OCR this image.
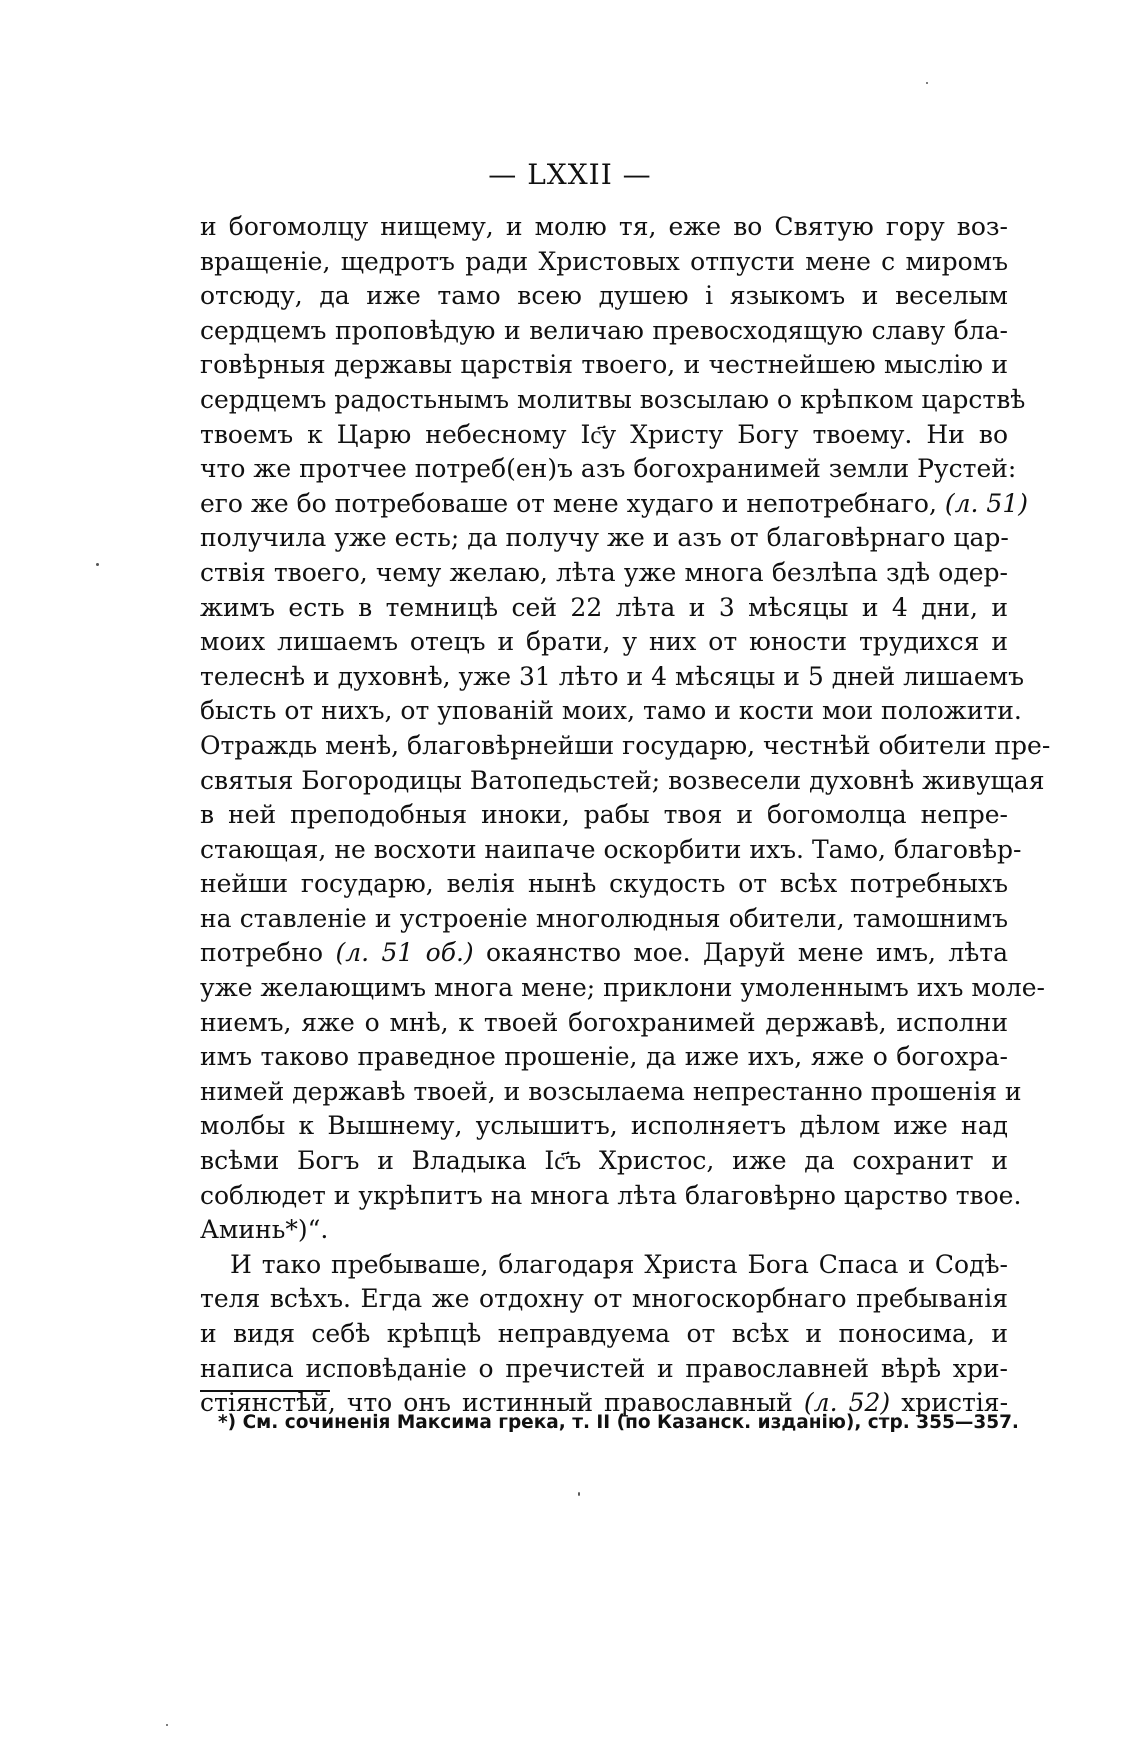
— LXXII —
и богомолцу нищему, и молю тя, еже во Святую гору воз-
вращеніе, щедротъ ради Христовых отпусти мене с миромъ
отсюду, да иже тамо всею душею і языкомъ и веселым
сердцемъ проповѣдую и величаю превосходящую славу бла-
говѣрныя державы царствія твоего, и честнейшею мыслію и
сердцемъ радостьнымъ молитвы возсылаю о крѣпком царствѣ
твоемъ к Царю небесному Іс҃у Христу Богу твоему. Ни во
что же протчее потреб(ен)ъ азъ богохранимей земли Рустей:
его же бо потребоваше от мене худаго и непотребнаго, (л. 51)
получила уже есть; да получу же и азъ от благовѣрнаго цар-
ствія твоего, чему желаю, лѣта уже многа безлѣпа здѣ одер-
жимъ есть в темницѣ сей 22 лѣта и 3 мѣсяцы и 4 дни, и
моих лишаемъ отецъ и брати, у них от юности трудихся и
телеснѣ и духовнѣ, уже 31 лѣто и 4 мѣсяцы и 5 дней лишаемъ
бысть от нихъ, от упованій моих, тамо и кости мои положити.
Отраждь менѣ, благовѣрнейши государю, честнѣй обители пре-
святыя Богородицы Ватопедьстей; возвесели духовнѣ живущая
в ней преподобныя иноки, рабы твоя и богомолца непре-
стающая, не восхоти наипаче оскорбити ихъ. Тамо, благовѣр-
нейши государю, велія нынѣ скудость от всѣх потребныхъ
на ставленіе и устроеніе многолюдныя обители, тамошнимъ
потребно (л. 51 об.) окаянство мое. Даруй мене имъ, лѣта
уже желающимъ многа мене; приклони умоленнымъ ихъ моле-
ниемъ, яже о мнѣ, к твоей богохранимей державѣ, исполни
имъ таково праведное прошеніе, да иже ихъ, яже о богохра-
нимей державѣ твоей, и возсылаема непрестанно прошенія и
молбы к Вышнему, услышитъ, исполняетъ дѣлом иже над
всѣми Богъ и Владыка Іс҃ъ Христос, иже да сохранит и
соблюдет и укрѣпитъ на многа лѣта благовѣрно царство твое.
Аминь*)“.
И тако пребываше, благодаря Христа Бога Спаса и Содѣ-
теля всѣхъ. Егда же отдохну от многоскорбнаго пребыванія
и видя себѣ крѣпцѣ неправдуема от всѣх и поносима, и
написа исповѣданіе о пречистей и православней вѣрѣ хри-
стіянстѣй, что онъ истинный православный (л. 52) христія-
*) См. сочиненія Максима грека, т. II (по Казанск. изданію), стр. 355—357.
